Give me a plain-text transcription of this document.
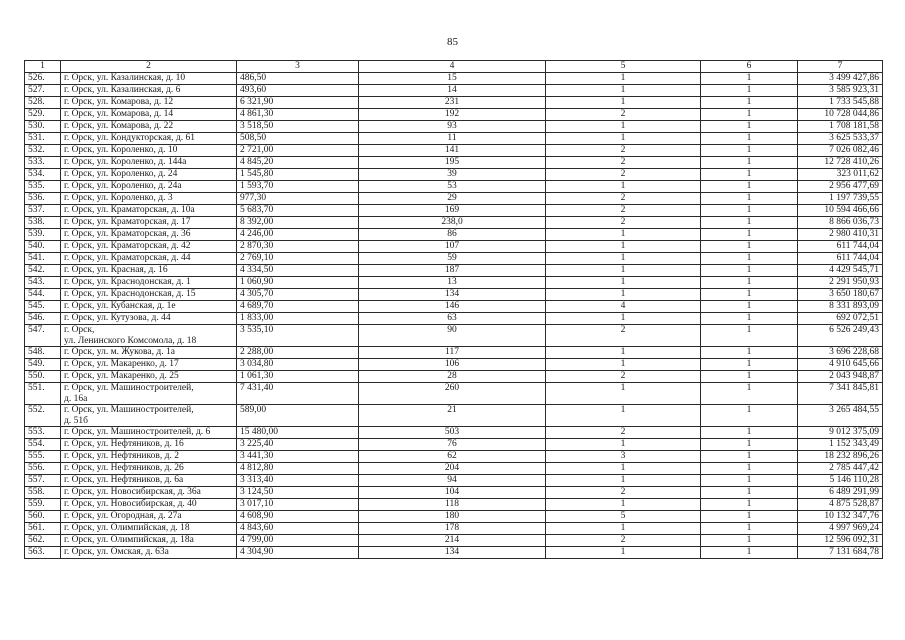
85
1	2	3	4	5	6	7
526.	г. Орск, ул. Казалинская, д. 10	486,50	15	1	1	3 499 427,86
527.	г. Орск, ул. Казалинская, д. 6	493,60	14	1	1	3 585 923,31
528.	г. Орск, ул. Комарова, д. 12	6 321,90	231	1	1	1 733 545,88
529.	г. Орск, ул. Комарова, д. 14	4 861,30	192	2	1	10 728 044,86
530.	г. Орск, ул. Комарова, д. 22	3 518,50	93	1	1	1 708 181,58
531.	г. Орск, ул. Кондукторская, д. 61	508,50	11	1	1	3 625 533,37
532.	г. Орск, ул. Короленко, д. 10	2 721,00	141	2	1	7 026 082,46
533.	г. Орск, ул. Короленко, д. 144а	4 845,20	195	2	1	12 728 410,26
534.	г. Орск, ул. Короленко, д. 24	1 545,80	39	2	1	323 011,62
535.	г. Орск, ул. Короленко, д. 24а	1 593,70	53	1	1	2 956 477,69
536.	г. Орск, ул. Короленко, д. 3	977,30	29	2	1	1 197 739,55
537.	г. Орск, ул. Краматорская, д. 10а	5 683,70	169	2	1	10 594 466,66
538.	г. Орск, ул. Краматорская, д. 17	8 392,00	238,0	2	1	8 866 036,73
539.	г. Орск, ул. Краматорская, д. 36	4 246,00	86	1	1	2 980 410,31
540.	г. Орск, ул. Краматорская, д. 42	2 870,30	107	1	1	611 744,04
541.	г. Орск, ул. Краматорская, д. 44	2 769,10	59	1	1	611 744,04
542.	г. Орск, ул. Красная, д. 16	4 334,50	187	1	1	4 429 545,71
543.	г. Орск, ул. Краснодонская, д. 1	1 060,90	13	1	1	2 291 950,93
544.	г. Орск, ул. Краснодонская, д. 15	4 305,70	134	1	1	3 650 180,67
545.	г. Орск, ул. Кубанская, д. 1е	4 689,70	146	4	1	8 331 893,09
546.	г. Орск, ул. Кутузова, д. 44	1 833,00	63	1	1	692 072,51
547.	г. Орск,
ул. Ленинского Комсомола, д. 18	3 535,10	90	2	1	6 526 249,43
548.	г. Орск, ул. м. Жукова, д. 1а	2 288,00	117	1	1	3 696 228,68
549.	г. Орск, ул. Макаренко, д. 17	3 034,80	106	1	1	4 910 645,66
550.	г. Орск, ул. Макаренко, д. 25	1 061,30	28	2	1	2 043 948,87
551.	г. Орск, ул. Машиностроителей,
д. 16а	7 431,40	260	1	1	7 341 845,81
552.	г. Орск, ул. Машиностроителей,
д. 51б	589,00	21	1	1	3 265 484,55
553.	г. Орск, ул. Машиностроителей, д. 6	15 480,00	503	2	1	9 012 375,09
554.	г. Орск, ул. Нефтяников, д. 16	3 225,40	76	1	1	1 152 343,49
555.	г. Орск, ул. Нефтяников, д. 2	3 441,30	62	3	1	18 232 896,26
556.	г. Орск, ул. Нефтяников, д. 26	4 812,80	204	1	1	2 785 447,42
557.	г. Орск, ул. Нефтяников, д. 6а	3 313,40	94	1	1	5 146 110,28
558.	г. Орск, ул. Новосибирская, д. 36а	3 124,50	104	2	1	6 489 291,99
559.	г. Орск, ул. Новосибирская, д. 40	3 017,10	118	1	1	4 875 528,87
560.	г. Орск, ул. Огородная, д. 27а	4 608,90	180	5	1	10 132 347,76
561.	г. Орск, ул. Олимпийская, д. 18	4 843,60	178	1	1	4 997 969,24
562.	г. Орск, ул. Олимпийская, д. 18а	4 799,00	214	2	1	12 596 092,31
563.	г. Орск, ул. Омская, д. 63а	4 304,90	134	1	1	7 131 684,78
